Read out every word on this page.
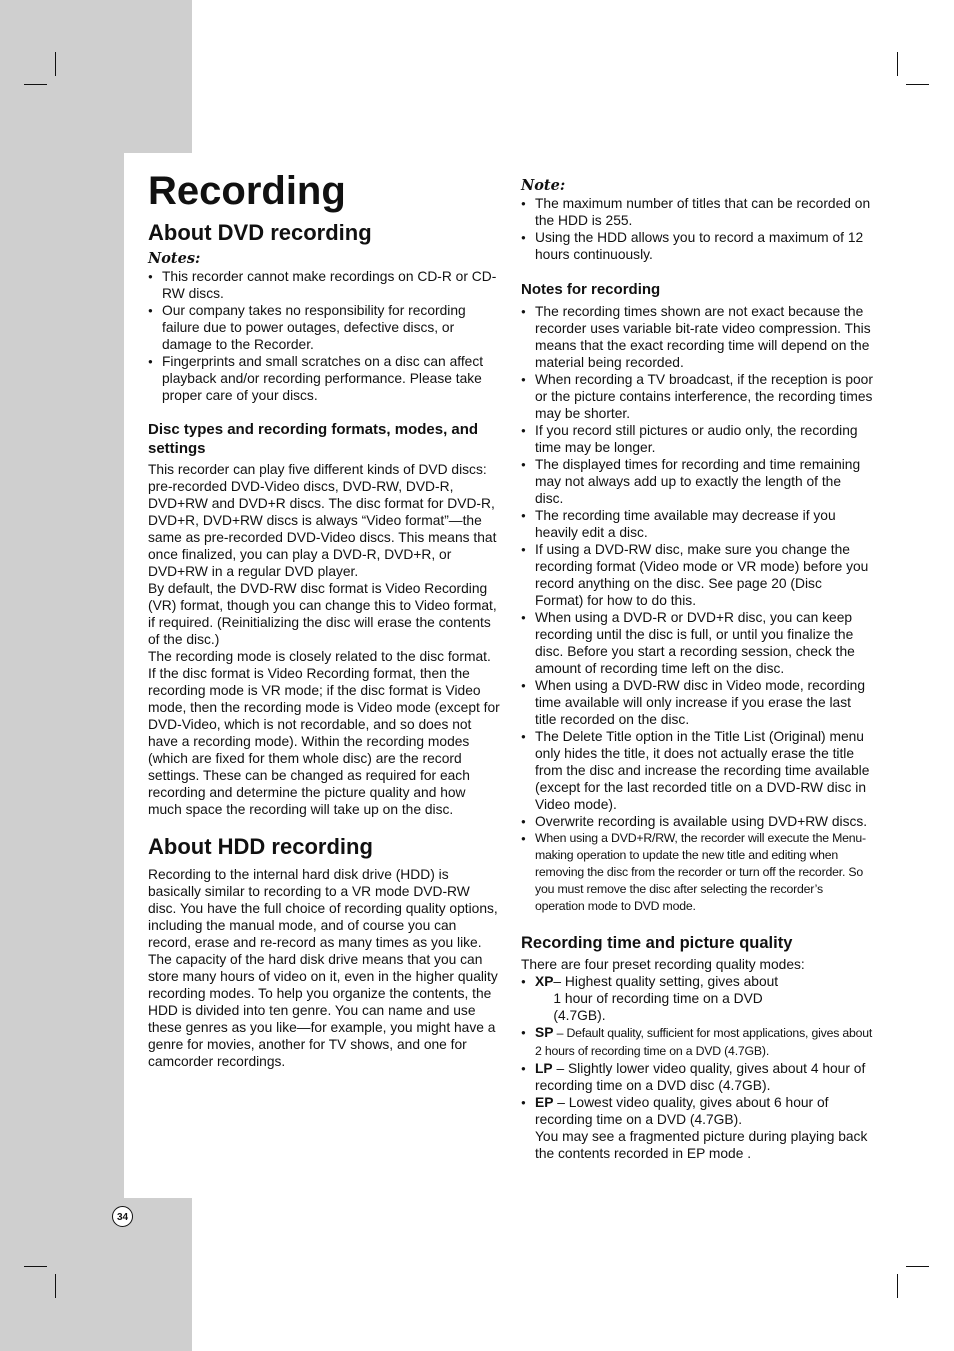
Recording
About DVD recording
Notes:
● This recorder cannot make recordings on CD-R or CD-RW discs.
● Our company takes no responsibility for recording failure due to power outages, defective discs, or damage to the Recorder.
● Fingerprints and small scratches on a disc can affect playback and/or recording performance. Please take proper care of your discs.
Disc types and recording formats, modes, and settings

This recorder can play five different kinds of DVD discs: pre-recorded DVD-Video discs, DVD-RW, DVD-R, DVD+RW and DVD+R discs. The disc format for DVD-R, DVD+R, DVD+RW discs is always “Video format”—the same as pre-recorded DVD-Video discs. This means that once finalized, you can play a DVD-R, DVD+R, or DVD+RW in a regular DVD player.

By default, the DVD-RW disc format is Video Recording (VR) format, though you can change this to Video format, if required. (Reinitializing the disc will erase the contents of the disc.)

The recording mode is closely related to the disc format. If the disc format is Video Recording format, then the recording mode is VR mode; if the disc format is Video mode, then the recording mode is Video mode (except for DVD-Video, which is not recordable, and so does not have a recording mode). Within the recording modes (which are fixed for them whole disc) are the record settings. These can be changed as required for each recording and determine the picture quality and how much space the recording will take up on the disc.

About HDD recording

Recording to the internal hard disk drive (HDD) is basically similar to recording to a VR mode DVD-RW disc. You have the full choice of recording quality options, including the manual mode, and of course you can record, erase and re-record as many times as you like. The capacity of the hard disk drive means that you can store many hours of video on it, even in the higher quality recording modes. To help you organize the contents, the HDD is divided into ten genre. You can name and use these genres as you like—for example, you might have a genre for movies, another for TV shows, and one for camcorder recordings.

Note:
● The maximum number of titles that can be recorded on the HDD is 255.
● Using the HDD allows you to record a maximum of 12 hours continuously.
Notes for recording
● The recording times shown are not exact because the recorder uses variable bit-rate video compression. This means that the exact recording time will depend on the material being recorded.
● When recording a TV broadcast, if the reception is poor or the picture contains interference, the recording times may be shorter.
● If you record still pictures or audio only, the recording time may be longer.
● The displayed times for recording and time remaining may not always add up to exactly the length of the disc.
● The recording time available may decrease if you heavily edit a disc.
● If using a DVD-RW disc, make sure you change the recording format (Video mode or VR mode) before you record anything on the disc. See page 20 (Disc Format) for how to do this.
● When using a DVD-R or DVD+R disc, you can keep recording until the disc is full, or until you finalize the disc. Before you start a recording session, check the amount of recording time left on the disc.
● When using a DVD-RW disc in Video mode, recording time available will only increase if you erase the last title recorded on the disc.
● The Delete Title option in the Title List (Original) menu only hides the title, it does not actually erase the title from the disc and increase the recording time available (except for the last recorded title on a DVD-RW disc in Video mode).
● Overwrite recording is available using DVD+RW discs.
● When using a DVD+R/RW, the recorder will execute the Menu-making operation to update the new title and editing when removing the disc from the recorder or turn off the recorder. So you must remove the disc after selecting the recorder’s operation mode to DVD mode.
Recording time and picture quality

There are four preset recording quality modes:

● XP– Highest quality setting, gives about 1 hour of recording time on a DVD (4.7GB).
● SP – Default quality, sufficient for most applications, gives about 2 hours of recording time on a DVD (4.7GB).
● LP – Slightly lower video quality, gives about 4 hour of recording time on a DVD disc (4.7GB).
● EP – Lowest video quality, gives about 6 hour of recording time on a DVD (4.7GB).
You may see a fragmented picture during playing back the contents recorded in EP mode .
34
